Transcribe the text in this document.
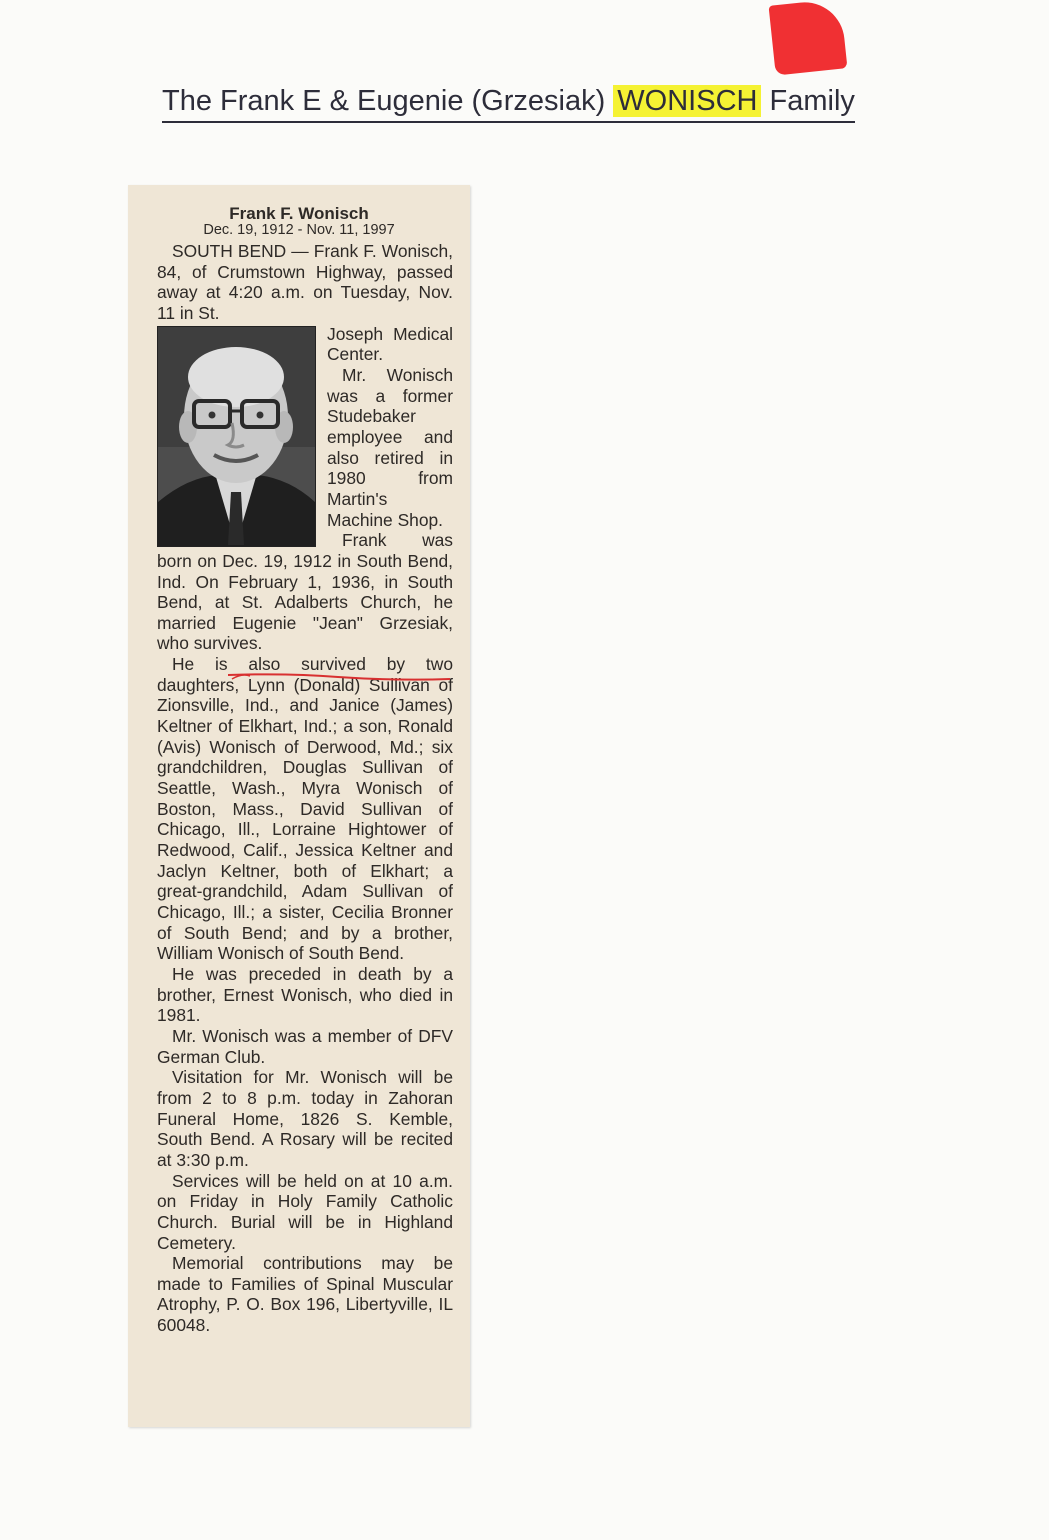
The Frank E & Eugenie (Grzesiak) WONISCH Family
Frank F. Wonisch
Dec. 19, 1912 - Nov. 11, 1997

SOUTH BEND — Frank F. Wonisch, 84, of Crumstown Highway, passed away at 4:20 a.m. on Tuesday, Nov. 11 in St.

Joseph Medical Center.

Mr. Wonisch was a former Studebaker employee and also retired in 1980 from Martin's Machine Shop.

Frank was born on Dec. 19, 1912 in South Bend, Ind. On February 1, 1936, in South Bend, at St. Adalberts Church, he married Eugenie "Jean" Grzesiak, who survives.

He is also survived by two daughters, Lynn (Donald) Sullivan of Zionsville, Ind., and Janice (James) Keltner of Elkhart, Ind.; a son, Ronald (Avis) Wonisch of Derwood, Md.; six grandchildren, Douglas Sullivan of Seattle, Wash., Myra Wonisch of Boston, Mass., David Sullivan of Chicago, Ill., Lorraine Hightower of Redwood, Calif., Jessica Keltner and Jaclyn Keltner, both of Elkhart; a great-grandchild, Adam Sullivan of Chicago, Ill.; a sister, Cecilia Bronner of South Bend; and by a brother, William Wonisch of South Bend.

He was preceded in death by a brother, Ernest Wonisch, who died in 1981.

Mr. Wonisch was a member of DFV German Club.

Visitation for Mr. Wonisch will be from 2 to 8 p.m. today in Zahoran Funeral Home, 1826 S. Kemble, South Bend. A Rosary will be recited at 3:30 p.m.

Services will be held on at 10 a.m. on Friday in Holy Family Catholic Church. Burial will be in Highland Cemetery.

Memorial contributions may be made to Families of Spinal Muscular Atrophy, P. O. Box 196, Libertyville, IL 60048.
